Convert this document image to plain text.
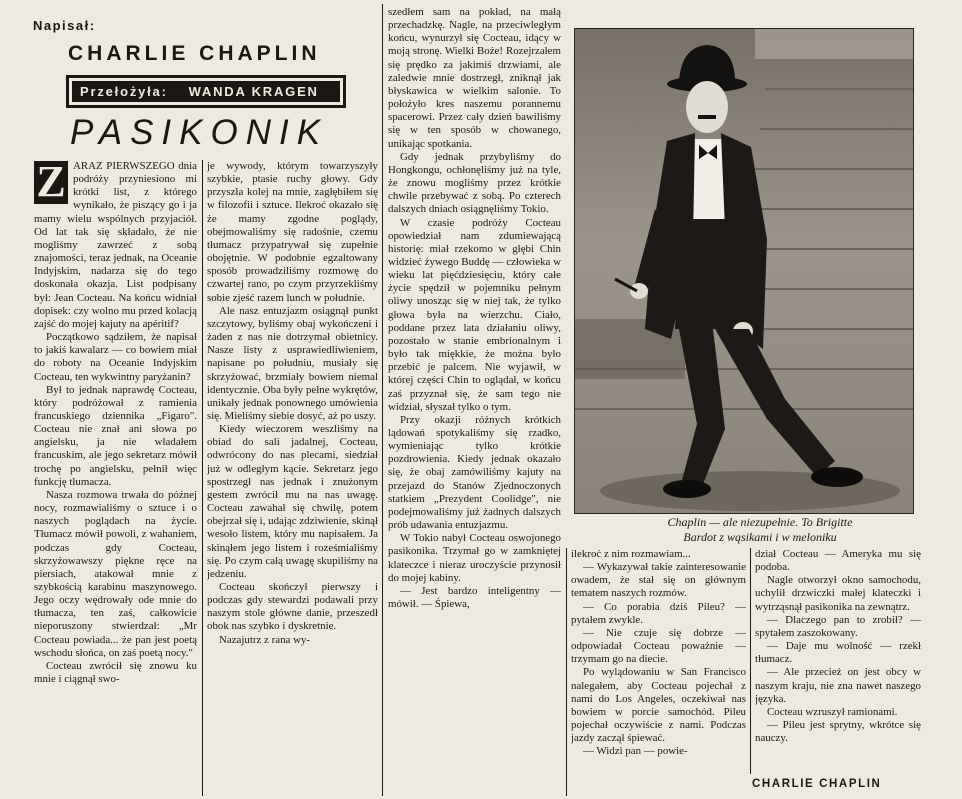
Napisał:
CHARLIE CHAPLIN
Przełożyła: WANDA KRAGEN
PASIKONIK
Z ARAZ PIERWSZEGO dnia podróży przyniesiono mi krótki list, z którego wynikało, że piszący go i ja mamy wielu wspólnych przyjaciół. Od lat tak się składało, że nie mogliśmy zawrzeć z sobą znajomości, teraz jednak, na Oceanie Indyjskim, nadarza się do tego doskonała okazja. List podpisany był: Jean Cocteau. Na końcu widniał dopisek: czy wolno mu przed kolacją zajść do mojej kajuty na apéritif?

Początkowo sądziłem, że napisał to jakiś kawalarz — co bowiem miał do roboty na Oceanie Indyjskim Cocteau, ten wykwintny paryżanin?

Był to jednak naprawdę Cocteau, który podróżował z ramienia francuskiego dziennika „Figaro". Cocteau nie znał ani słowa po angielsku, ja nie władałem francuskim, ale jego sekretarz mówił trochę po angielsku, pełnił więc funkcję tłumacza.

Nasza rozmowa trwała do późnej nocy, rozmawialiśmy o sztuce i o naszych poglądach na życie. Tłumacz mówił powoli, z wahaniem, podczas gdy Cocteau, skrzyżowawszy piękne ręce na piersiach, atakował mnie z szybkością karabinu maszynowego. Jego oczy wędrowały ode mnie do tłumacza, ten zaś, całkowicie nieporuszony stwierdzał: „Mr Cocteau powiada... że pan jest poetą wschodu słońca, on zaś poetą nocy."

Cocteau zwrócił się znowu ku mnie i ciągnął swo-

je wywody, którym towarzyszyły szybkie, ptasie ruchy głowy. Gdy przyszła kolej na mnie, zagłębiłem się w filozofii i sztuce. Ilekroć okazało się że mamy zgodne poglądy, obejmowaliśmy się radośnie, czemu tłumacz przypatrywał się zupełnie obojętnie. W podobnie egzaltowany sposób prowadziliśmy rozmowę do czwartej rano, po czym przyrzekliśmy sobie zjeść razem lunch w południe.

Ale nasz entuzjazm osiągnął punkt szczytowy, byliśmy obaj wykończeni i żaden z nas nie dotrzymał obietnicy. Nasze listy z usprawiedliwieniem, napisane po południu, musiały się skrzyżować, brzmiały bowiem niemal identycznie. Oba były pełne wykrętów, unikały jednak ponownego umówienia się. Mieliśmy siebie dosyć, aż po uszy.

Kiedy wieczorem weszliśmy na obiad do sali jadalnej, Cocteau, odwrócony do nas plecami, siedział już w odległym kącie. Sekretarz jego spostrzegł nas jednak i znużonym gestem zwrócił mu na nas uwagę. Cocteau zawahał się chwilę, potem obejrzał się i, udając zdziwienie, skinął wesoło listem, który mu napisałem. Ja skinąłem jego listem i roześmialiśmy się. Po czym całą uwagę skupiliśmy na jedzeniu.

Cocteau skończył pierwszy i podczas gdy stewardzi podawali przy naszym stole główne danie, przeszedł obok nas szybko i dyskretnie.

Nazajutrz z rana wy-

szedłem sam na pokład, na małą przechadzkę. Nagle, na przeciwległym końcu, wynurzył się Cocteau, idący w moją stronę. Wielki Boże! Rozejrzałem się prędko za jakimiś drzwiami, ale zaledwie mnie dostrzegł, zniknął jak błyskawica w wielkim salonie. To położyło kres naszemu porannemu spacerowi. Przez cały dzień bawiliśmy się w ten sposób w chowanego, unikając spotkania.

Gdy jednak przybyliśmy do Hongkongu, ochłonęliśmy już na tyle, że znowu mogliśmy przez krótkie chwile przebywać z sobą. Po czterech dalszych dniach osiągnęliśmy Tokio.

W czasie podróży Cocteau opowiedział nam zdumiewającą historię: miał rzekomo w głębi Chin widzieć żywego Buddę — człowieka w wieku lat pięćdziesięciu, który całe życie spędził w pojemniku pełnym oliwy unosząc się w niej tak, że tylko głowa była na wierzchu. Ciało, poddane przez lata działaniu oliwy, pozostało w stanie embrionalnym i było tak miękkie, że można było przebić je palcem. Nie wyjawił, w której części Chin to oglądał, w końcu zaś przyznał się, że sam tego nie widział, słyszał tylko o tym.

Przy okazji różnych krótkich lądowań spotykaliśmy się rzadko, wymieniając tylko krótkie pozdrowienia. Kiedy jednak okazało się, że obaj zamówiliśmy kajuty na przejazd do Stanów Zjednoczonych statkiem „Prezydent Coolidge", nie podejmowaliśmy już żadnych dalszych prób udawania entuzjazmu.

W Tokio nabył Cocteau oswojonego pasikonika. Trzymał go w zamkniętej klateczce i nieraz uroczyście przynosił do mojej kabiny.

— Jest bardzo inteligentny — mówił. — Śpiewa,

Chaplin — ale niezupełnie. To Brigitte
Bardot z wąsikami i w meloniku

ilekroć z nim rozmawiam...

— Wykazywał takie zainteresowanie owadem, że stał się on głównym tematem naszych rozmów.

— Co porabia dziś Pileu? — pytałem zwykle.

— Nie czuje się dobrze — odpowiadał Cocteau poważnie — trzymam go na diecie.

Po wylądowaniu w San Francisco nalegałem, aby Cocteau pojechał z nami do Los Angeles, oczekiwał nas bowiem w porcie samochód. Pileu pojechał oczywiście z nami. Podczas jazdy zaczął śpiewać.

— Widzi pan — powie-

dział Cocteau — Ameryka mu się podoba.

Nagle otworzył okno samochodu, uchylił drzwiczki małej klateczki i wytrząsnął pasikonika na zewnątrz.

— Dlaczego pan to zrobił? — spytałem zaszokowany.

— Daje mu wolność — rzekł tłumacz.

— Ale przecież on jest obcy w naszym kraju, nie zna nawet naszego języka.

Cocteau wzruszył ramionami.

— Pileu jest sprytny, wkrótce się nauczy.

CHARLIE CHAPLIN
